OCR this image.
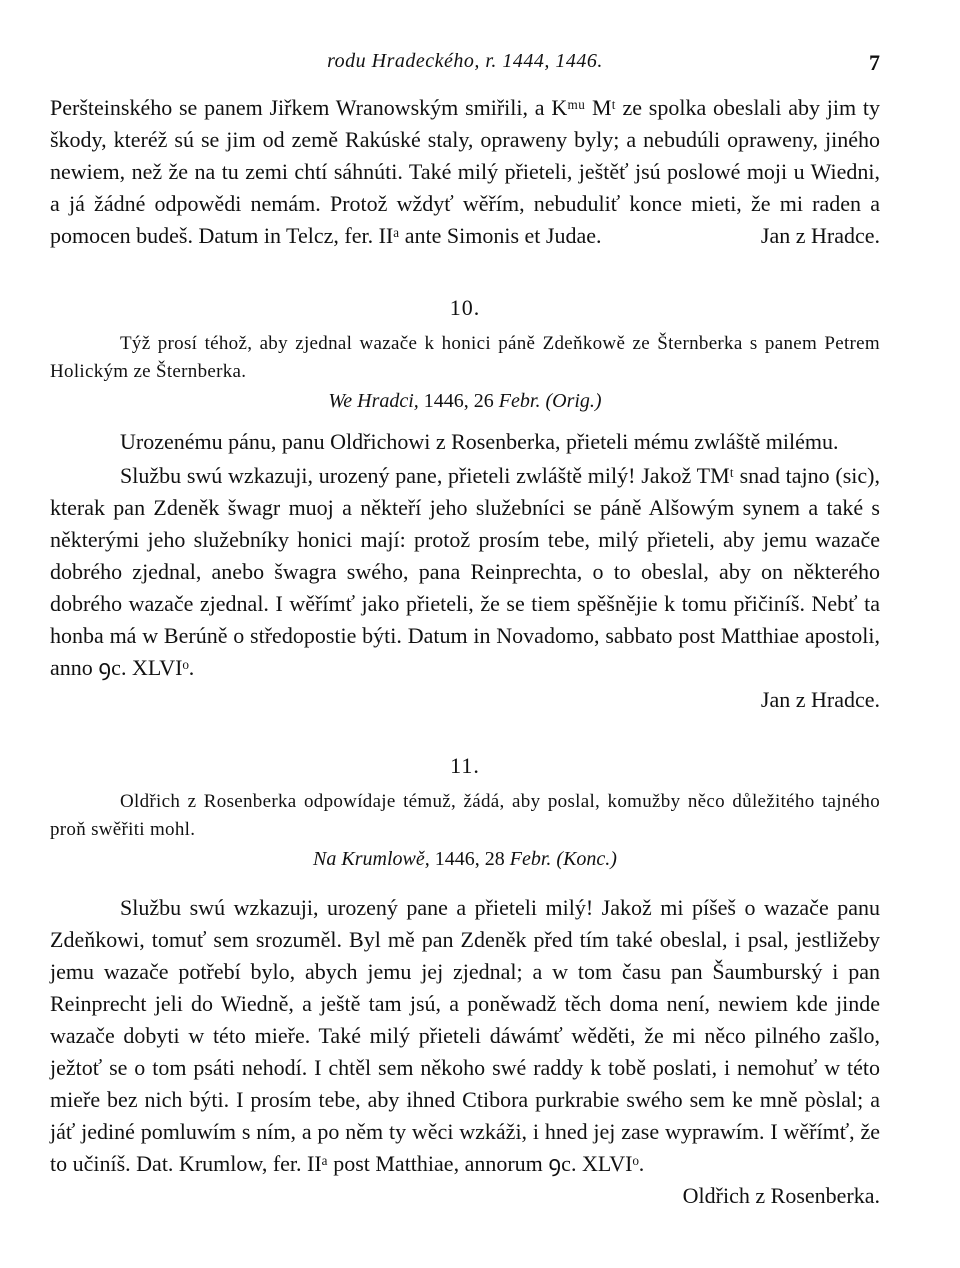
rodu Hradeckého, r. 1444, 1446.	7

Peršteinského se panem Jiřkem Wranowským smiřili, a Kᵐᵘ Mᵗ ze spolka obeslali aby jim ty škody, kteréž sú se jim od země Rakúské staly, opraweny byly; a nebudúli opraweny, jiného newiem, než že na tu zemi chtí sáhnúti. Také milý přieteli, ještěť jsú poslowé moji u Wiedni, a já žádné odpowědi nemám. Protož wždyť wěřím, nebuduliť konce mieti, že mi raden a pomocen budeš. Datum in Telcz, fer. IIᵃ ante Simonis et Judae.	Jan z Hradce.
10.

Týž prosí téhož, aby zjednal wazače k honici páně Zdeňkowě ze Šternberka s panem Petrem Holickým ze Šternberka.

We Hradci, 1446, 26 Febr. (Orig.)

Urozenému pánu, panu Oldřichowi z Rosenberka, přieteli mému zwláště milému.

Službu swú wzkazuji, urozený pane, přieteli zwláště milý! Jakož TMᵗ snad tajno (sic), kterak pan Zdeněk šwagr muoj a někteří jeho služebníci se páně Alšowým synem a také s některými jeho služebníky honici mají: protož prosím tebe, milý přieteli, aby jemu wazače dobrého zjednal, anebo šwagra swého, pana Reinprechta, o to obeslal, aby on některého dobrého wazače zjednal. I wěřímť jako přieteli, že se tiem spěšnějie k tomu přičiníš. Nebť ta honba má w Berúně o středopostie býti. Datum in Novadomo, sabbato post Matthiae apostoli, anno ꝯc. XLVIᵒ.

Jan z Hradce.
11.

Oldřich z Rosenberka odpowídaje témuž, žádá, aby poslal, komužby něco důležitého tajného proň swěřiti mohl.

Na Krumlowě, 1446, 28 Febr. (Konc.)

Službu swú wzkazuji, urozený pane a přieteli milý! Jakož mi píšeš o wazače panu Zdeňkowi, tomuť sem srozuměl. Byl mě pan Zdeněk před tím také obeslal, i psal, jestližeby jemu wazače potřebí bylo, abych jemu jej zjednal; a w tom času pan Šaumburský i pan Reinprecht jeli do Wiedně, a ještě tam jsú, a poněwadž těch doma není, newiem kde jinde wazače dobyti w této mieře. Také milý přieteli dáwámť wěděti, že mi něco pilného zašlo, ježtoť se o tom psáti nehodí. I chtěl sem někoho swé raddy k tobě poslati, i nemohuť w této mieře bez nich býti. I prosím tebe, aby ihned Ctibora purkrabie swého sem ke mně pòslal; a jáť jediné pomluwím s ním, a po něm ty wěci wzkáži, i hned jej zase wyprawím. I wěřímť, že to učiníš. Dat. Krumlow, fer. IIᵃ post Matthiae, annorum ꝯc. XLVIᵒ.

Oldřich z Rosenberka.
